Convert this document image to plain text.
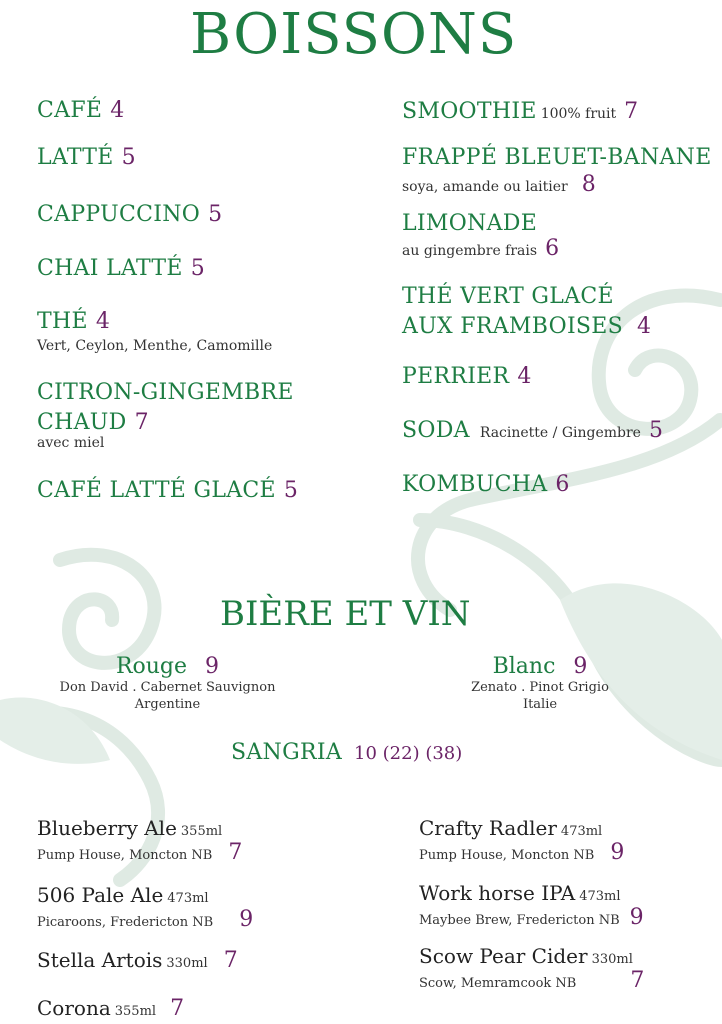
BOISSONS
CAFÉ 4
LATTÉ 5
CAPPUCCINO 5
CHAI LATTÉ 5
THÉ 4
Vert, Ceylon, Menthe, Camomille
CITRON-GINGEMBRE
CHAUD 7
avec miel
CAFÉ LATTÉ GLACÉ 5
SMOOTHIE 100% fruit 7
FRAPPÉ BLEUET-BANANE
soya, amande ou laitier 8
LIMONADE
au gingembre frais 6
THÉ VERT GLACÉ
AUX FRAMBOISES 4
PERRIER 4
SODA Racinette / Gingembre 5
KOMBUCHA 6
BIÈRE ET VIN
Rouge 9
Don David . Cabernet Sauvignon
Argentine
Blanc 9
Zenato . Pinot Grigio
Italie
SANGRIA 10 (22) (38)
Blueberry Ale 355ml
Pump House, Moncton NB 7
506 Pale Ale 473ml
Picaroons, Fredericton NB 9
Stella Artois 330ml 7
Corona 355ml 7
Crafty Radler 473ml
Pump House, Moncton NB 9
Work horse IPA 473ml
Maybee Brew, Fredericton NB 9
Scow Pear Cider 330ml
Scow, Memramcook NB 7
